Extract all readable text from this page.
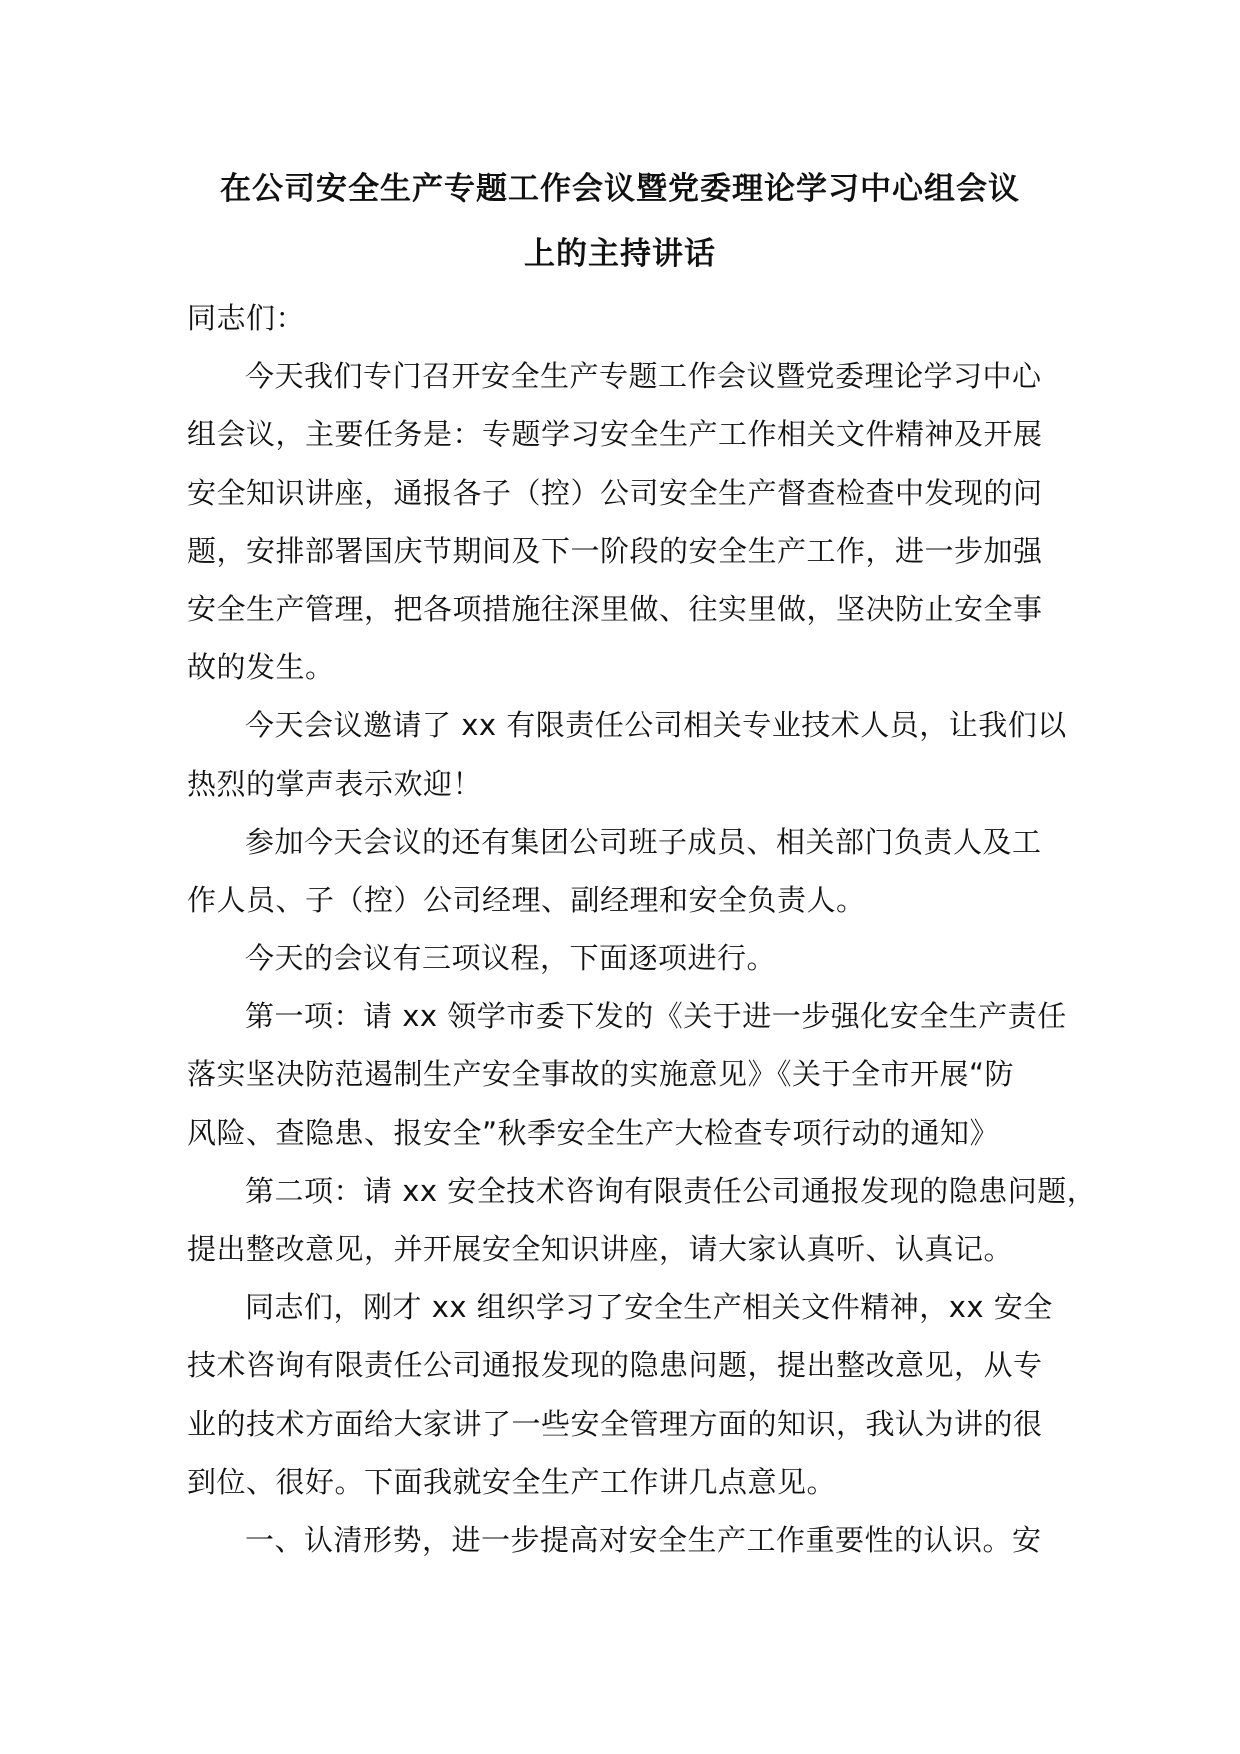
在公司安全生产专题工作会议暨党委理论学习中心组会议
上的主持讲话
同志们：
今天我们专门召开安全生产专题工作会议暨党委理论学习中心
组会议，主要任务是：专题学习安全生产工作相关文件精神及开展
安全知识讲座，通报各子（控）公司安全生产督查检查中发现的问
题，安排部署国庆节期间及下一阶段的安全生产工作，进一步加强
安全生产管理，把各项措施往深里做、往实里做，坚决防止安全事
故的发生。
今天会议邀请了 xx 有限责任公司相关专业技术人员，让我们以
热烈的掌声表示欢迎！
参加今天会议的还有集团公司班子成员、相关部门负责人及工
作人员、子（控）公司经理、副经理和安全负责人。
今天的会议有三项议程，下面逐项进行。
第一项：请 xx 领学市委下发的《关于进一步强化安全生产责任
落实坚决防范遏制生产安全事故的实施意见》《关于全市开展“防
风险、查隐患、报安全”秋季安全生产大检查专项行动的通知》
第二项：请 xx 安全技术咨询有限责任公司通报发现的隐患问题，
提出整改意见，并开展安全知识讲座，请大家认真听、认真记。
同志们，刚才 xx 组织学习了安全生产相关文件精神，xx 安全
技术咨询有限责任公司通报发现的隐患问题，提出整改意见，从专
业的技术方面给大家讲了一些安全管理方面的知识，我认为讲的很
到位、很好。下面我就安全生产工作讲几点意见。
一、认清形势，进一步提高对安全生产工作重要性的认识。安
